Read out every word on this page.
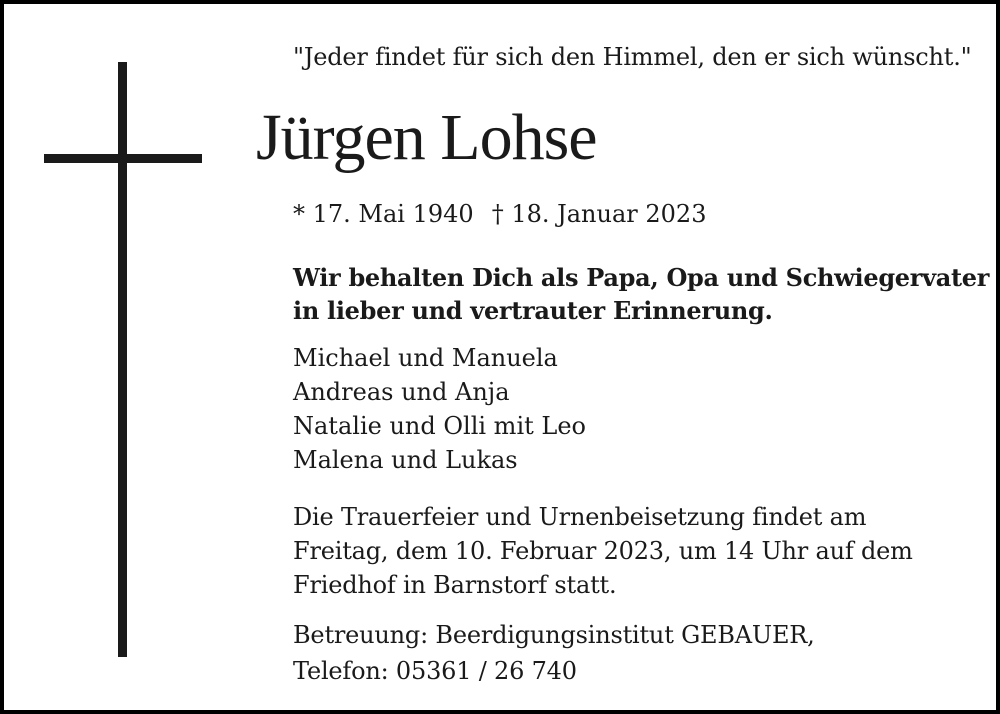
"Jeder findet für sich den Himmel, den er sich wünscht."
Jürgen Lohse
* 17. Mai 1940 † 18. Januar 2023
Wir behalten Dich als Papa, Opa und Schwiegervater
in lieber und vertrauter Erinnerung.
Michael und Manuela
Andreas und Anja
Natalie und Olli mit Leo
Malena und Lukas
Die Trauerfeier und Urnenbeisetzung findet am
Freitag, dem 10. Februar 2023, um 14 Uhr auf dem
Friedhof in Barnstorf statt.
Betreuung: Beerdigungsinstitut GEBAUER,
Telefon: 05361 / 26 740
